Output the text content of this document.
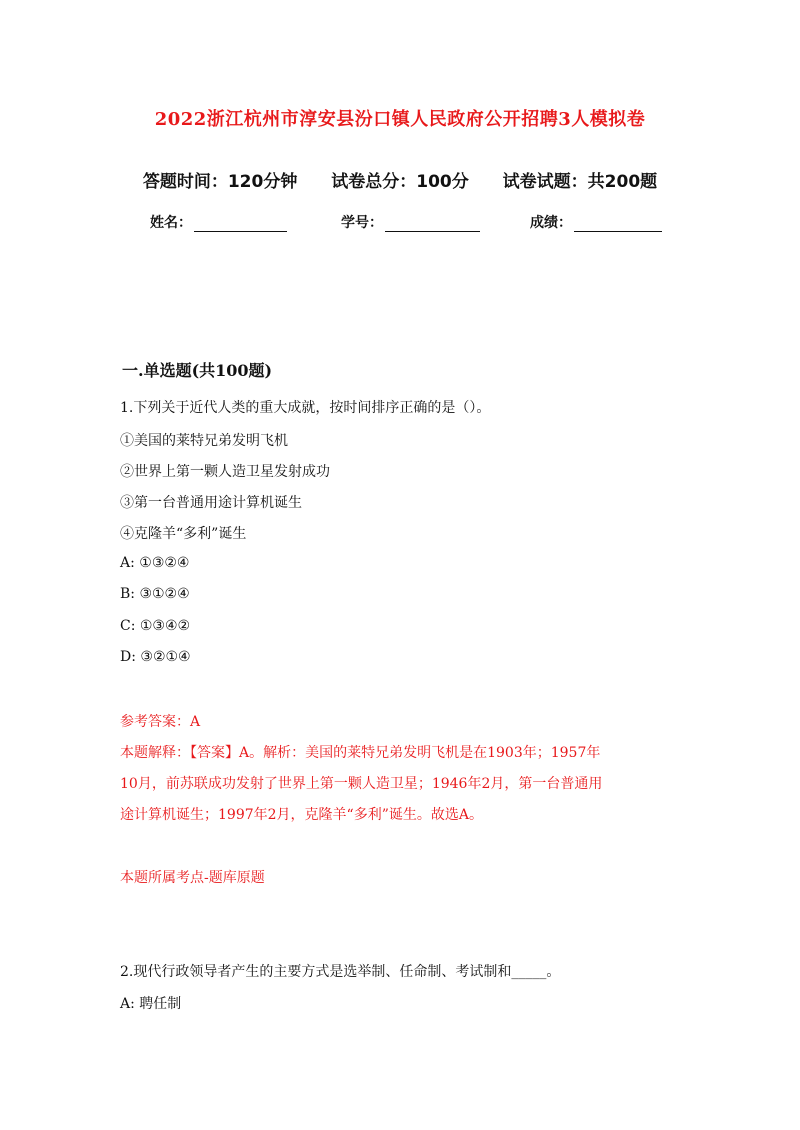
2022浙江杭州市淳安县汾口镇人民政府公开招聘3人模拟卷
答题时间：120分钟 试卷总分：100分 试卷试题：共200题
姓名：	学号：	成绩：
一.单选题(共100题)
1.下列关于近代人类的重大成就，按时间排序正确的是（）。
①美国的莱特兄弟发明飞机
②世界上第一颗人造卫星发射成功
③第一台普通用途计算机诞生
④克隆羊“多利”诞生
A: ①③②④
B: ③①②④
C: ①③④②
D: ③②①④
参考答案：A
本题解释：【答案】A。解析：美国的莱特兄弟发明飞机是在1903年；1957年
10月，前苏联成功发射了世界上第一颗人造卫星；1946年2月，第一台普通用
途计算机诞生；1997年2月，克隆羊“多利”诞生。故选A。
本题所属考点-题库原题
2.现代行政领导者产生的主要方式是选举制、任命制、考试制和_____。
A: 聘任制
